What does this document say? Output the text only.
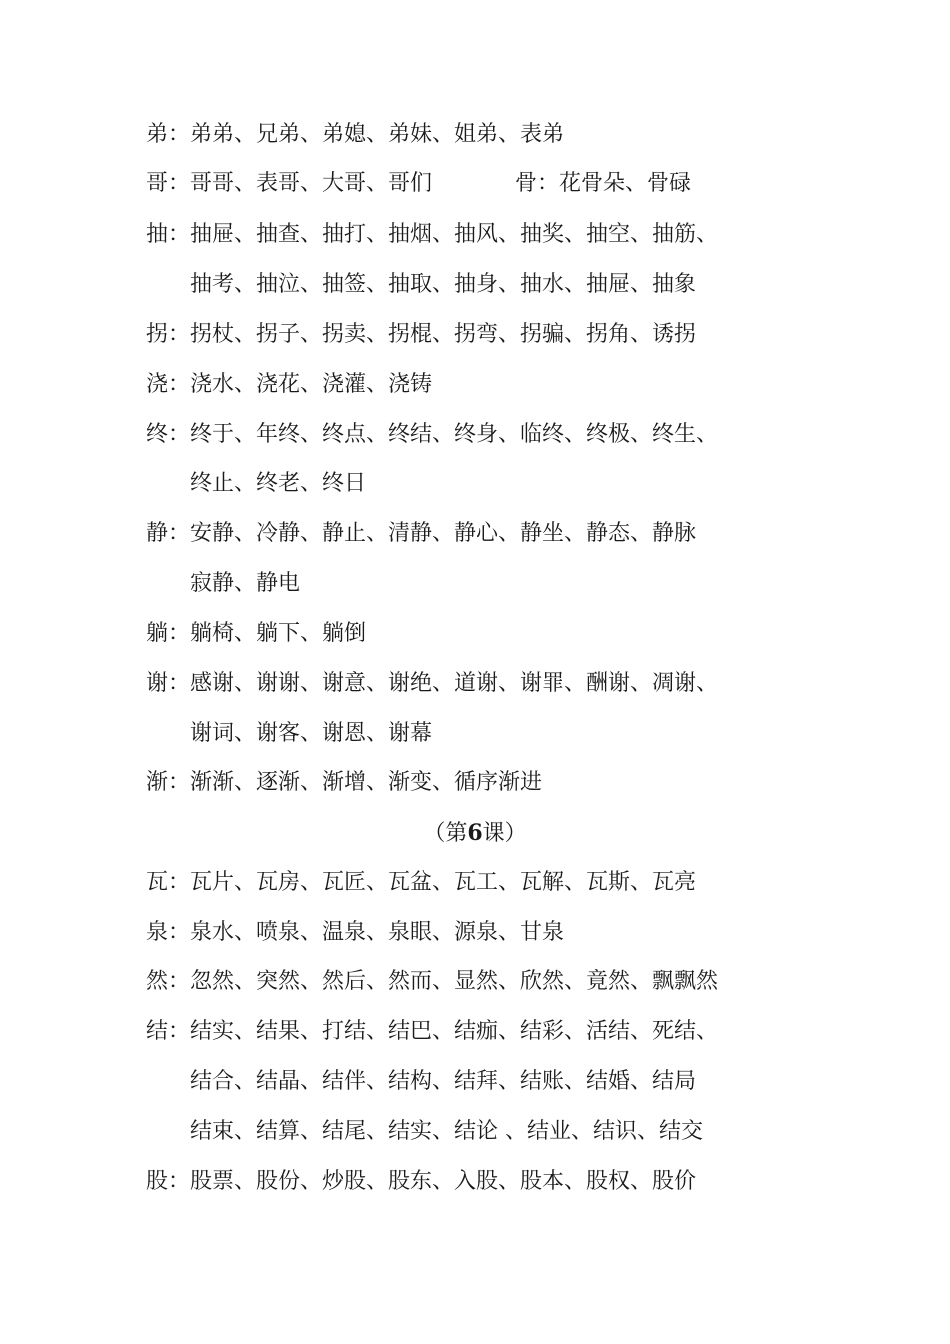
弟： 弟弟、兄弟、弟媳、弟妹、姐弟、表弟
哥： 哥哥、表哥、大哥、哥们	骨： 花骨朵、骨碌
抽： 抽屉、抽查、抽打、抽烟、抽风、抽奖、抽空、抽筋、
抽考、抽泣、抽签、抽取、抽身、抽水、抽屉、抽象
拐： 拐杖、拐子、拐卖、拐棍、拐弯、拐骗、拐角、诱拐
浇： 浇水、浇花、浇灌、浇铸
终： 终于、年终、终点、终结、终身、临终、终极、终生、
终止、终老、终日
静： 安静、冷静、静止、清静、静心、静坐、静态、静脉
寂静、静电
躺： 躺椅、躺下、躺倒
谢： 感谢、谢谢、谢意、谢绝、道谢、谢罪、酬谢、凋谢、
谢词、谢客、谢恩、谢幕
渐： 渐渐、逐渐、渐增、渐变、循序渐进
（第6课）
瓦： 瓦片、瓦房、瓦匠、瓦盆、瓦工、瓦解、瓦斯、瓦亮
泉： 泉水、喷泉、温泉、泉眼、源泉、甘泉
然： 忽然、突然、然后、然而、显然、欣然、竟然、飘飘然
结： 结实、结果、打结、结巴、结痂、结彩、活结、死结、
结合、结晶、结伴、结构、结拜、结账、结婚、结局
结束、结算、结尾、结实、结论 、结业、结识、结交
股： 股票、股份、炒股、股东、入股、股本、股权、股价
